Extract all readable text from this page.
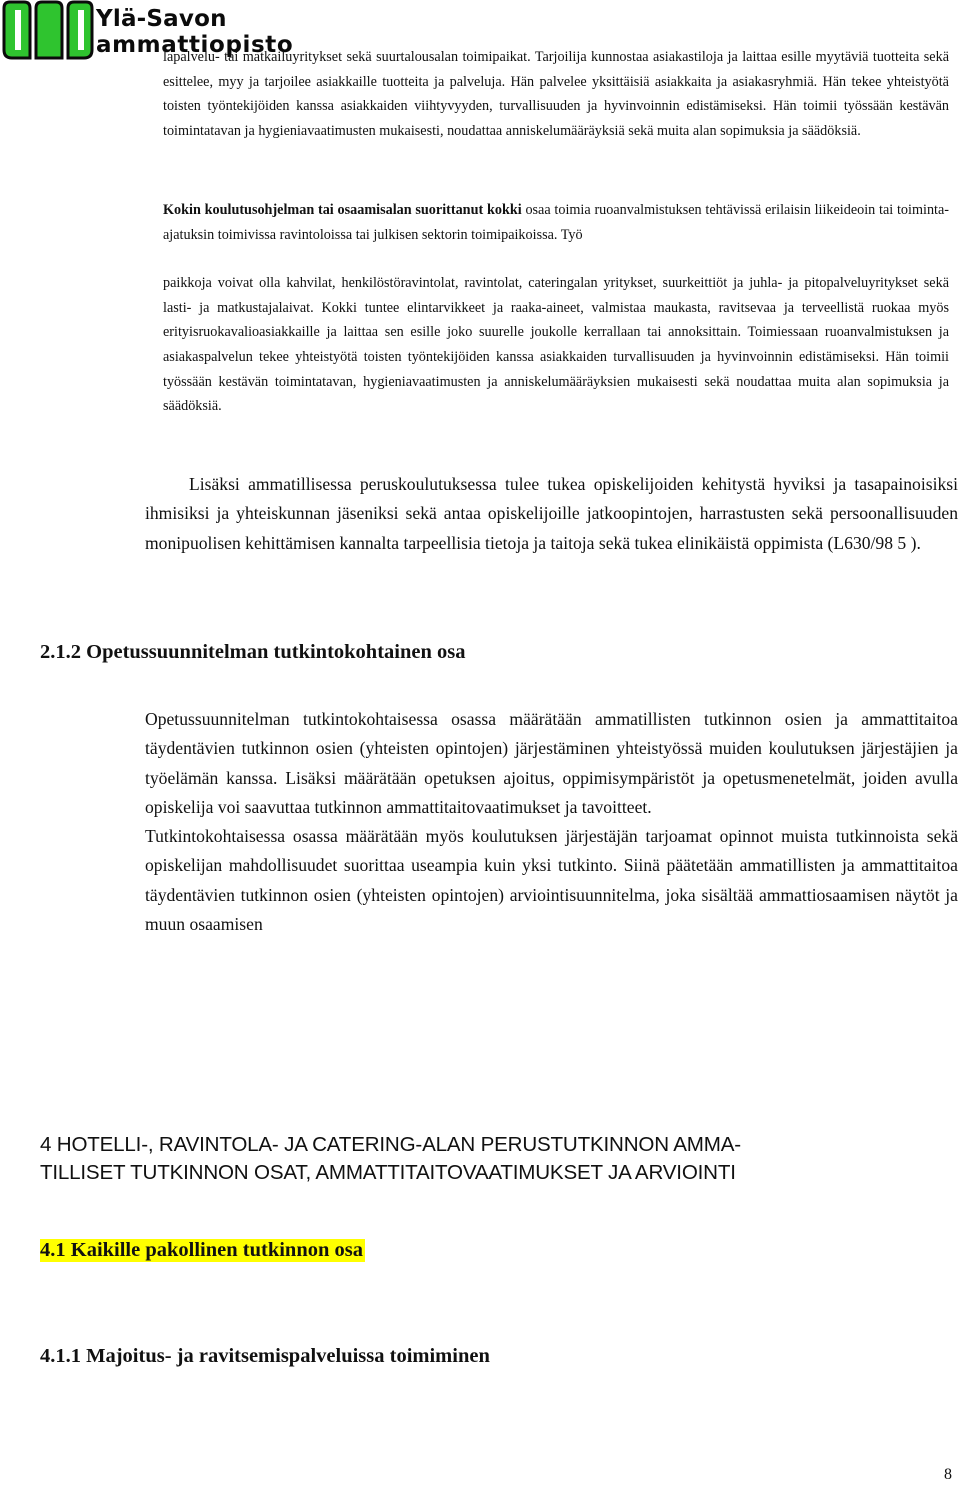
Ylä-Savon
ammattiopisto

lapalvelu- tai matkailuyritykset sekä suurtalousalan toimipaikat. Tarjoilija kunnostaa asiakastiloja ja laittaa esille myytäviä tuotteita sekä esittelee, myy ja tarjoilee asiakkaille tuotteita ja palveluja. Hän palvelee yksittäisiä asiakkaita ja asiakasryhmiä. Hän tekee yhteistyötä toisten työntekijöiden kanssa asiakkaiden viihtyvyyden, turvallisuuden ja hyvinvoinnin edistämiseksi. Hän toimii työssään kestävän toimintatavan ja hygieniavaatimusten mukaisesti, noudattaa anniskelumääräyksiä sekä muita alan sopimuksia ja säädöksiä.

Kokin koulutusohjelman tai osaamisalan suorittanut kokki osaa toimia ruoanvalmistuksen tehtävissä erilaisin liikeideoin tai toiminta-ajatuksin toimivissa ravintoloissa tai julkisen sektorin toimipaikoissa. Työ

paikkoja voivat olla kahvilat, henkilöstöravintolat, ravintolat, cateringalan yritykset, suurkeittiöt ja juhla- ja pitopalveluyritykset sekä lasti- ja matkustajalaivat. Kokki tuntee elintarvikkeet ja raaka-aineet, valmistaa maukasta, ravitsevaa ja terveellistä ruokaa myös erityisruokavalioasiakkaille ja laittaa sen esille joko suurelle joukolle kerrallaan tai annoksittain. Toimiessaan ruoanvalmistuksen ja asiakaspalvelun tekee yhteistyötä toisten työntekijöiden kanssa asiakkaiden turvallisuuden ja hyvinvoinnin edistämiseksi. Hän toimii työssään kestävän toimintatavan, hygieniavaatimusten ja anniskelumääräyksien mukaisesti sekä noudattaa muita alan sopimuksia ja säädöksiä.

Lisäksi ammatillisessa peruskoulutuksessa tulee tukea opiskelijoiden kehitystä hyviksi ja tasapainoisiksi ihmisiksi ja yhteiskunnan jäseniksi sekä antaa opiskelijoille jatkoopintojen, harrastusten sekä persoonallisuuden monipuolisen kehittämisen kannalta tarpeellisia tietoja ja taitoja sekä tukea elinikäistä oppimista (L630/98 5 ).

2.1.2 Opetussuunnitelman tutkintokohtainen osa

Opetussuunnitelman tutkintokohtaisessa osassa määrätään ammatillisten tutkinnon osien ja ammattitaitoa täydentävien tutkinnon osien (yhteisten opintojen) järjestäminen yhteistyössä muiden koulutuksen järjestäjien ja työelämän kanssa. Lisäksi määrätään opetuksen ajoitus, oppimisympäristöt ja opetusmenetelmät, joiden avulla opiskelija voi saavuttaa tutkinnon ammattitaitovaatimukset ja tavoitteet.

Tutkintokohtaisessa osassa määrätään myös koulutuksen järjestäjän tarjoamat opinnot muista tutkinnoista sekä opiskelijan mahdollisuudet suorittaa useampia kuin yksi tutkinto. Siinä päätetään ammatillisten ja ammattitaitoa täydentävien tutkinnon osien (yhteisten opintojen) arviointisuunnitelma, joka sisältää ammattiosaamisen näytöt ja muun osaamisen

4 HOTELLI-, RAVINTOLA- JA CATERING-ALAN PERUSTUTKINNON AMMA-
TILLISET TUTKINNON OSAT, AMMATTITAITOVAATIMUKSET JA ARVIOINTI
4.1 Kaikille pakollinen tutkinnon osa
4.1.1 Majoitus- ja ravitsemispalveluissa toimiminen
8
